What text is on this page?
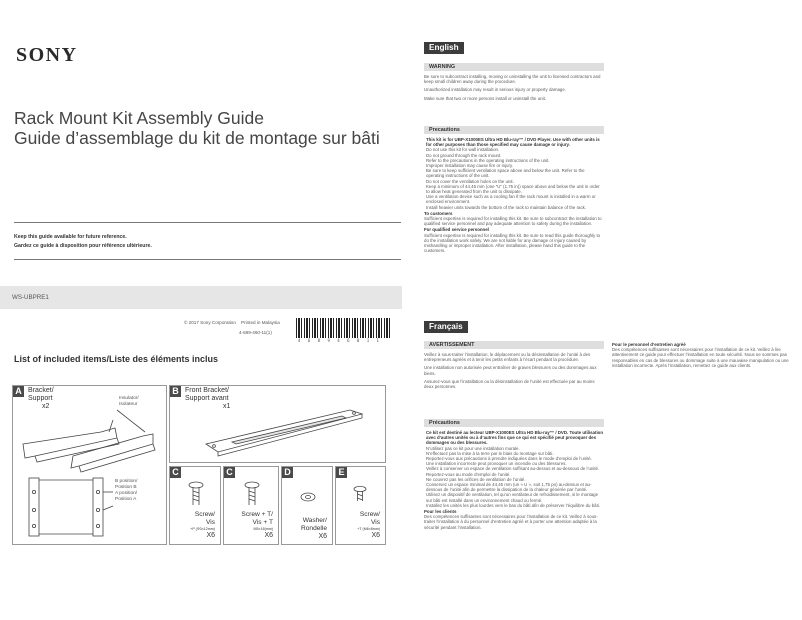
SONY
Rack Mount Kit Assembly Guide
Guide d’assemblage du kit de montage sur bâti
Keep this guide available for future reference.
Gardez ce guide à disposition pour référence ultérieure.
WS-UBPRE1
© 2017 Sony Corporation Printed in Malaysia
4-689-460-11(1)
4 6 8 9 4 6 0 1 1
List of included items/Liste des éléments inclus
A Bracket/
Support
x2
Insulator/
Isolateur
B position/
Position B
A position/
Position A
B Front Bracket/
Support avant
x1
C
Screw/
Vis
+P (Φ3×12mm)
X6
C
Screw + T/
Vis + T
M5×16(mm)
X6
D
Washer/
Rondelle
X6
E
Screw/
Vis
+T (M6×8mm)
X6
English
WARNING

Be sure to subcontract installing, moving or uninstalling the unit to licensed contractors and keep small children away during the procedure.

Unauthorized installation may result in serious injury or property damage.

Make sure that two or more persons install or uninstall the unit.

Precautions
This kit is for UBP-X1000ES Ultra HD Blu-ray™ / DVD Player. Use with other units is for other purposes than those specified may cause damage or injury.
Do not use this kit for wall installation.
Do not ground through the rack mount.
Refer to the precautions in the operating instructions of the unit.
Improper installation may cause fire or injury.
Be sure to keep sufficient ventilation space above and below the unit. Refer to the operating instructions of the unit.
Do not cover the ventilation holes on the unit.
Keep a minimum of 44.45 mm (one “U” (1.75 in)) space above and below the unit in order to allow heat generated from the unit to dissipate.
Use a ventilation device such as a cooling fan if the rack mount is installed in a warm or enclosed environment.
Install heavier units towards the bottom of the rack to maintain balance of the rack.
To customers
Sufficient expertise is required for installing this kit. Be sure to subcontract the installation to qualified service personnel and pay adequate attention to safety during the installation.
For qualified service personnel
Sufficient expertise is required for installing this kit. Be sure to read this guide thoroughly to do the installation work safely. We are not liable for any damage or injury caused by mishandling or improper installation. After installation, please hand this guide to the customers.
Français
AVERTISSEMENT

Veillez à sous-traiter l’installation, le déplacement ou la désinstallation de l’unité à des entrepreneurs agréés et à tenir les petits enfants à l’écart pendant la procédure.

Une installation non autorisée peut entraîner de graves blessures ou des dommages aux biens.

Assurez-vous que l’installation ou la désinstallation de l’unité est effectuée par au moins deux personnes.

Précautions
Ce kit est destiné au lecteur UBP-X1000ES Ultra HD Blu-ray™ / DVD. Toute utilisation avec d’autres unités ou à d’autres fins que ce qui est spécifié peut provoquer des dommages ou des blessures.
N’utilisez pas ce kit pour une installation murale.
N’effectuez pas la mise à la terre par le biais du montage sur bâti.
Reportez-vous aux précautions à prendre indiquées dans le mode d’emploi de l’unité.
Une installation incorrecte peut provoquer un incendie ou des blessures.
Veillez à conserver un espace de ventilation suffisant au-dessus et au-dessous de l’unité. Reportez-vous au mode d’emploi de l’unité.
Ne couvrez pas les orifices de ventilation de l’unité.
Conservez un espace minimal de 44,45 mm (un « U », soit 1,75 po) au-dessus et au-dessous de l’unité afin de permettre la dissipation de la chaleur générée par l’unité.
Utilisez un dispositif de ventilation, tel qu’un ventilateur de refroidissement, si le montage sur bâti est installé dans un environnement chaud ou fermé.
Installez les unités les plus lourdes vers le bas du bâti afin de préserver l’équilibre du bâti.
Pour les clients
Des compétences suffisantes sont nécessaires pour l’installation de ce kit. Veillez à sous-traiter l’installation à du personnel d’entretien agréé et à porter une attention adaptée à la sécurité pendant l’installation.
Pour le personnel d’entretien agréé
Des compétences suffisantes sont nécessaires pour l’installation de ce kit. Veillez à lire attentivement ce guide pour effectuer l’installation en toute sécurité. Nous ne sommes pas responsables en cas de blessures ou dommage suite à une mauvaise manipulation ou une installation incorrecte. Après l’installation, remettez ce guide aux clients.
